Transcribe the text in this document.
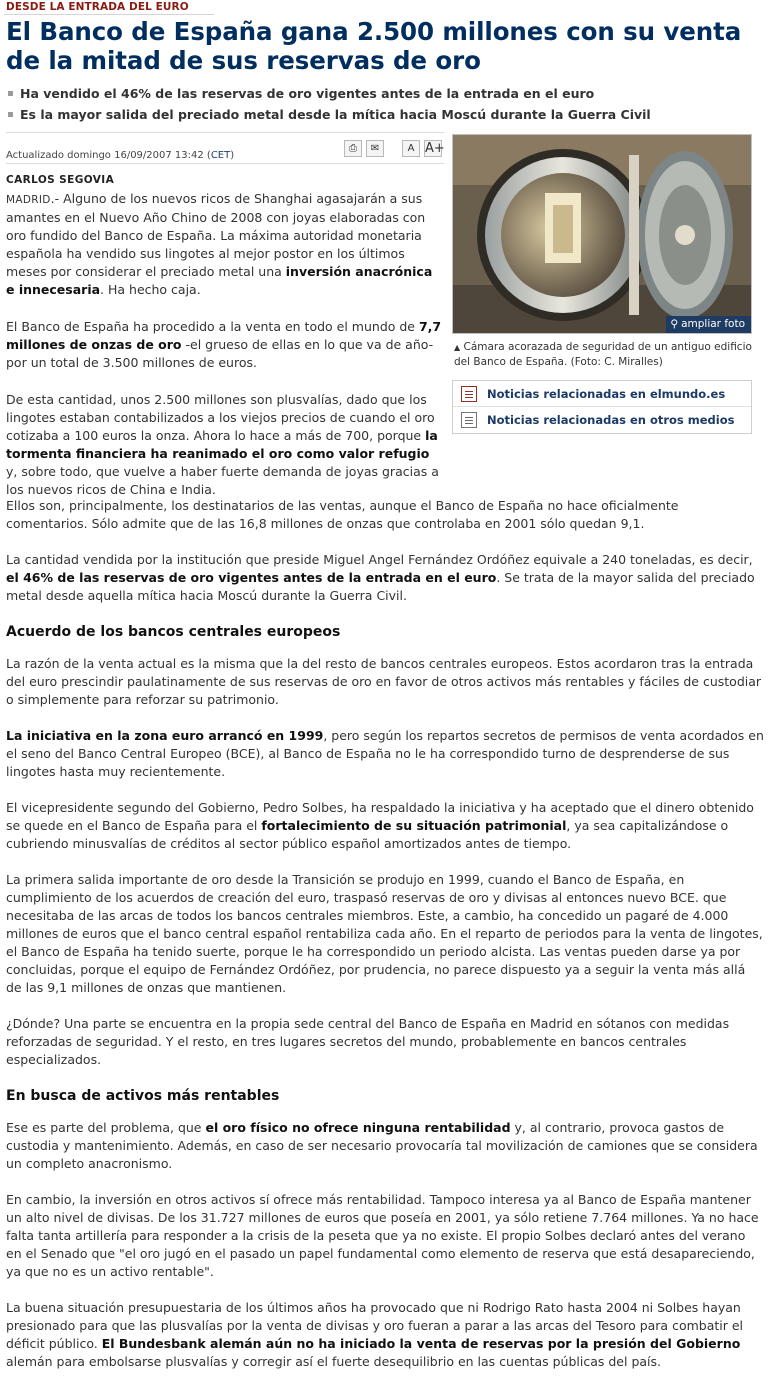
DESDE LA ENTRADA DEL EURO
El Banco de España gana 2.500 millones con su venta de la mitad de sus reservas de oro
Ha vendido el 46% de las reservas de oro vigentes antes de la entrada en el euro
Es la mayor salida del preciado metal desde la mítica hacia Moscú durante la Guerra Civil
Actualizado domingo 16/09/2007 13:42 (CET)
⎙	✉	A A+
CARLOS SEGOVIA

MADRID.- Alguno de los nuevos ricos de Shanghai agasajarán a sus amantes en el Nuevo Año Chino de 2008 con joyas elaboradas con oro fundido del Banco de España. La máxima autoridad monetaria española ha vendido sus lingotes al mejor postor en los últimos meses por considerar el preciado metal una inversión anacrónica e innecesaria. Ha hecho caja.

El Banco de España ha procedido a la venta en todo el mundo de 7,7 millones de onzas de oro -el grueso de ellas en lo que va de año- por un total de 3.500 millones de euros.

De esta cantidad, unos 2.500 millones son plusvalías, dado que los lingotes estaban contabilizados a los viejos precios de cuando el oro cotizaba a 100 euros la onza. Ahora lo hace a más de 700, porque la tormenta financiera ha reanimado el oro como valor refugio y, sobre todo, que vuelve a haber fuerte demanda de joyas gracias a los nuevos ricos de China e India.

⚲ ampliar foto
▲ Cámara acorazada de seguridad de un antiguo edificio del Banco de España. (Foto: C. Miralles)
Noticias relacionadas en elmundo.es
Noticias relacionadas en otros medios

Ellos son, principalmente, los destinatarios de las ventas, aunque el Banco de España no hace oficialmente comentarios. Sólo admite que de las 16,8 millones de onzas que controlaba en 2001 sólo quedan 9,1.

La cantidad vendida por la institución que preside Miguel Angel Fernández Ordóñez equivale a 240 toneladas, es decir, el 46% de las reservas de oro vigentes antes de la entrada en el euro. Se trata de la mayor salida del preciado metal desde aquella mítica hacia Moscú durante la Guerra Civil.

Acuerdo de los bancos centrales europeos

La razón de la venta actual es la misma que la del resto de bancos centrales europeos. Estos acordaron tras la entrada del euro prescindir paulatinamente de sus reservas de oro en favor de otros activos más rentables y fáciles de custodiar o simplemente para reforzar su patrimonio.

La iniciativa en la zona euro arrancó en 1999, pero según los repartos secretos de permisos de venta acordados en el seno del Banco Central Europeo (BCE), al Banco de España no le ha correspondido turno de desprenderse de sus lingotes hasta muy recientemente.

El vicepresidente segundo del Gobierno, Pedro Solbes, ha respaldado la iniciativa y ha aceptado que el dinero obtenido se quede en el Banco de España para el fortalecimiento de su situación patrimonial, ya sea capitalizándose o cubriendo minusvalías de créditos al sector público español amortizados antes de tiempo.

La primera salida importante de oro desde la Transición se produjo en 1999, cuando el Banco de España, en cumplimiento de los acuerdos de creación del euro, traspasó reservas de oro y divisas al entonces nuevo BCE. que necesitaba de las arcas de todos los bancos centrales miembros. Este, a cambio, ha concedido un pagaré de 4.000 millones de euros que el banco central español rentabiliza cada año. En el reparto de periodos para la venta de lingotes, el Banco de España ha tenido suerte, porque le ha correspondido un periodo alcista. Las ventas pueden darse ya por concluidas, porque el equipo de Fernández Ordóñez, por prudencia, no parece dispuesto ya a seguir la venta más allá de las 9,1 millones de onzas que mantienen.

¿Dónde? Una parte se encuentra en la propia sede central del Banco de España en Madrid en sótanos con medidas reforzadas de seguridad. Y el resto, en tres lugares secretos del mundo, probablemente en bancos centrales especializados.

En busca de activos más rentables

Ese es parte del problema, que el oro físico no ofrece ninguna rentabilidad y, al contrario, provoca gastos de custodia y mantenimiento. Además, en caso de ser necesario provocaría tal movilización de camiones que se considera un completo anacronismo.

En cambio, la inversión en otros activos sí ofrece más rentabilidad. Tampoco interesa ya al Banco de España mantener un alto nivel de divisas. De los 31.727 millones de euros que poseía en 2001, ya sólo retiene 7.764 millones. Ya no hace falta tanta artillería para responder a la crisis de la peseta que ya no existe. El propio Solbes declaró antes del verano en el Senado que "el oro jugó en el pasado un papel fundamental como elemento de reserva que está desapareciendo, ya que no es un activo rentable".

La buena situación presupuestaria de los últimos años ha provocado que ni Rodrigo Rato hasta 2004 ni Solbes hayan presionado para que las plusvalías por la venta de divisas y oro fueran a parar a las arcas del Tesoro para combatir el déficit público. El Bundesbank alemán aún no ha iniciado la venta de reservas por la presión del Gobierno alemán para embolsarse plusvalías y corregir así el fuerte desequilibrio en las cuentas públicas del país.
